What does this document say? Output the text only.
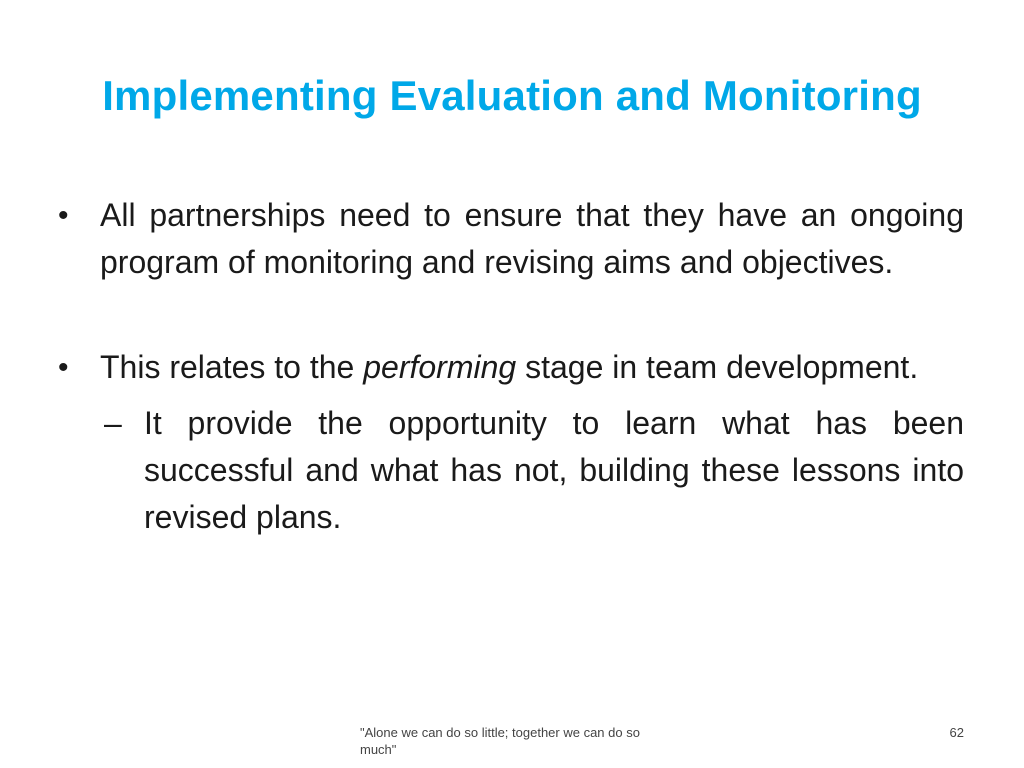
Implementing Evaluation and Monitoring
• All partnerships need to ensure that they have an ongoing program of monitoring and revising aims and objectives.
• This relates to the performing stage in team development.
– It provide the opportunity to learn what has been successful and what has not, building these lessons into revised plans.
"Alone we can do so little; together we can do so much"
62
